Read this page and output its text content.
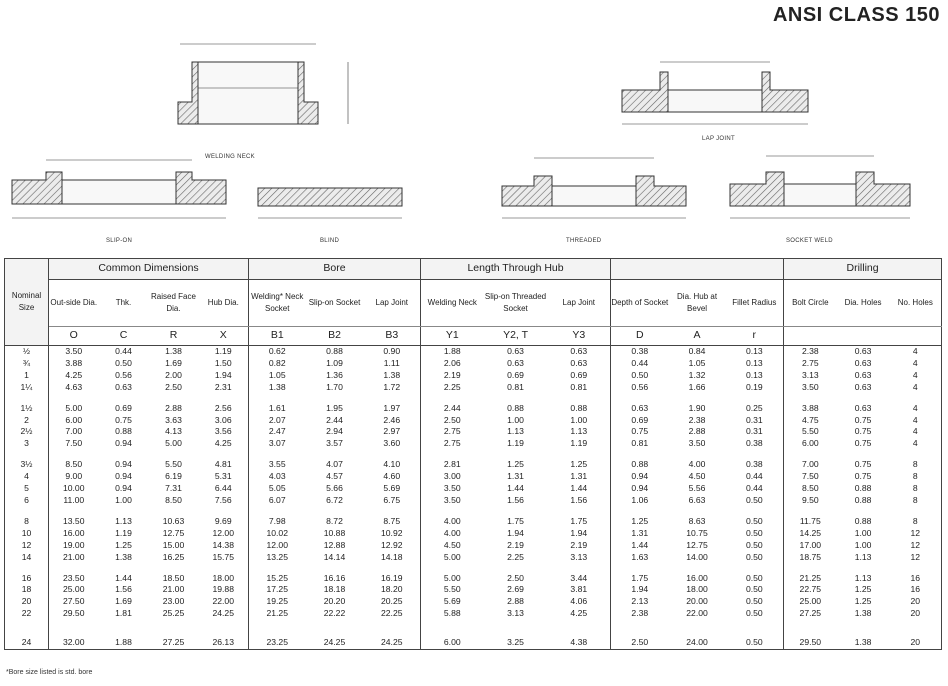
ANSI CLASS 150
WELDING NECK
LAP JOINT
SLIP-ON	BLIND	THREADED	SOCKET WELD
Nominal Size	Common Dimensions				Bore			Length Through Hub						Drilling		
	Out-side Dia.	Thk.	Raised Face Dia.	Hub Dia.	Welding* Neck Socket	Slip-on Socket	Lap Joint	Welding Neck	Slip-on Threaded Socket	Lap Joint	Depth of Socket	Dia. Hub at Bevel	Fillet Radius	Bolt Circle	Dia. Holes	No. Holes
	O	C	R	X	B1	B2	B3	Y1	Y2, T	Y3	D	A	r			
½	3.50	0.44	1.38	1.19	0.62	0.88	0.90	1.88	0.63	0.63	0.38	0.84	0.13	2.38	0.63	4
¾	3.88	0.50	1.69	1.50	0.82	1.09	1.11	2.06	0.63	0.63	0.44	1.05	0.13	2.75	0.63	4
1	4.25	0.56	2.00	1.94	1.05	1.36	1.38	2.19	0.69	0.69	0.50	1.32	0.13	3.13	0.63	4
1¼	4.63	0.63	2.50	2.31	1.38	1.70	1.72	2.25	0.81	0.81	0.56	1.66	0.19	3.50	0.63	4
1½	5.00	0.69	2.88	2.56	1.61	1.95	1.97	2.44	0.88	0.88	0.63	1.90	0.25	3.88	0.63	4
2	6.00	0.75	3.63	3.06	2.07	2.44	2.46	2.50	1.00	1.00	0.69	2.38	0.31	4.75	0.75	4
2½	7.00	0.88	4.13	3.56	2.47	2.94	2.97	2.75	1.13	1.13	0.75	2.88	0.31	5.50	0.75	4
3	7.50	0.94	5.00	4.25	3.07	3.57	3.60	2.75	1.19	1.19	0.81	3.50	0.38	6.00	0.75	4
3½	8.50	0.94	5.50	4.81	3.55	4.07	4.10	2.81	1.25	1.25	0.88	4.00	0.38	7.00	0.75	8
4	9.00	0.94	6.19	5.31	4.03	4.57	4.60	3.00	1.31	1.31	0.94	4.50	0.44	7.50	0.75	8
5	10.00	0.94	7.31	6.44	5.05	5.66	5.69	3.50	1.44	1.44	0.94	5.56	0.44	8.50	0.88	8
6	11.00	1.00	8.50	7.56	6.07	6.72	6.75	3.50	1.56	1.56	1.06	6.63	0.50	9.50	0.88	8
8	13.50	1.13	10.63	9.69	7.98	8.72	8.75	4.00	1.75	1.75	1.25	8.63	0.50	11.75	0.88	8
10	16.00	1.19	12.75	12.00	10.02	10.88	10.92	4.00	1.94	1.94	1.31	10.75	0.50	14.25	1.00	12
12	19.00	1.25	15.00	14.38	12.00	12.88	12.92	4.50	2.19	2.19	1.44	12.75	0.50	17.00	1.00	12
14	21.00	1.38	16.25	15.75	13.25	14.14	14.18	5.00	2.25	3.13	1.63	14.00	0.50	18.75	1.13	12
16	23.50	1.44	18.50	18.00	15.25	16.16	16.19	5.00	2.50	3.44	1.75	16.00	0.50	21.25	1.13	16
18	25.00	1.56	21.00	19.88	17.25	18.18	18.20	5.50	2.69	3.81	1.94	18.00	0.50	22.75	1.25	16
20	27.50	1.69	23.00	22.00	19.25	20.20	20.25	5.69	2.88	4.06	2.13	20.00	0.50	25.00	1.25	20
22	29.50	1.81	25.25	24.25	21.25	22.22	22.25	5.88	3.13	4.25	2.38	22.00	0.50	27.25	1.38	20
24	32.00	1.88	27.25	26.13	23.25	24.25	24.25	6.00	3.25	4.38	2.50	24.00	0.50	29.50	1.38	20
*Bore size listed is std. bore
